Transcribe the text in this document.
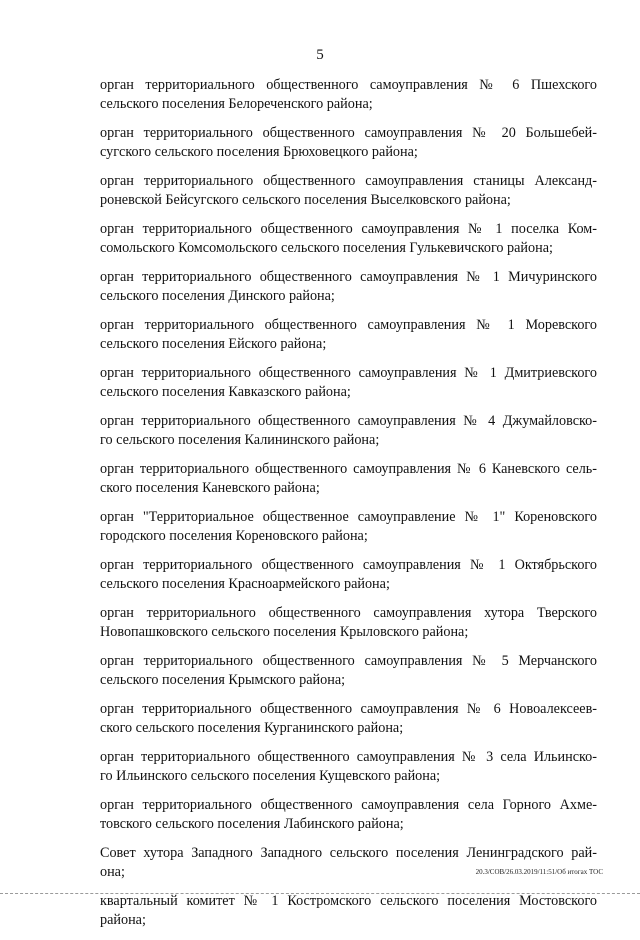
5
орган территориального общественного самоуправления № 6 Пшехского
сельского поселения Белореченского района;
орган территориального общественного самоуправления № 20 Большебей-
сугского сельского поселения Брюховецкого района;
орган территориального общественного самоуправления станицы Александ-
роневской Бейсугского сельского поселения Выселковского района;
орган территориального общественного самоуправления № 1 поселка Ком-
сомольского Комсомольского сельского поселения Гулькевичского района;
орган территориального общественного самоуправления № 1 Мичуринского
сельского поселения Динского района;
орган территориального общественного самоуправления № 1 Моревского
сельского поселения Ейского района;
орган территориального общественного самоуправления № 1 Дмитриевского
сельского поселения Кавказского района;
орган территориального общественного самоуправления № 4 Джумайловско-
го сельского поселения Калининского района;
орган территориального общественного самоуправления № 6 Каневского сель-
ского поселения Каневского района;
орган "Территориальное общественное самоуправление № 1" Кореновского
городского поселения Кореновского района;
орган территориального общественного самоуправления № 1 Октябрьского
сельского поселения Красноармейского района;
орган территориального общественного самоуправления хутора Тверского
Новопашковского сельского поселения Крыловского района;
орган территориального общественного самоуправления № 5 Мерчанского
сельского поселения Крымского района;
орган территориального общественного самоуправления № 6 Новоалексеев-
ского сельского поселения Курганинского района;
орган территориального общественного самоуправления № 3 села Ильинско-
го Ильинского сельского поселения Кущевского района;
орган территориального общественного самоуправления села Горного Ахме-
товского сельского поселения Лабинского района;
Совет хутора Западного Западного сельского поселения Ленинградского рай-
она;
квартальный комитет № 1 Костромского сельского поселения Мостовского
района;
20.3/СОВ/26.03.2019/11:51/Об итогах ТОС
